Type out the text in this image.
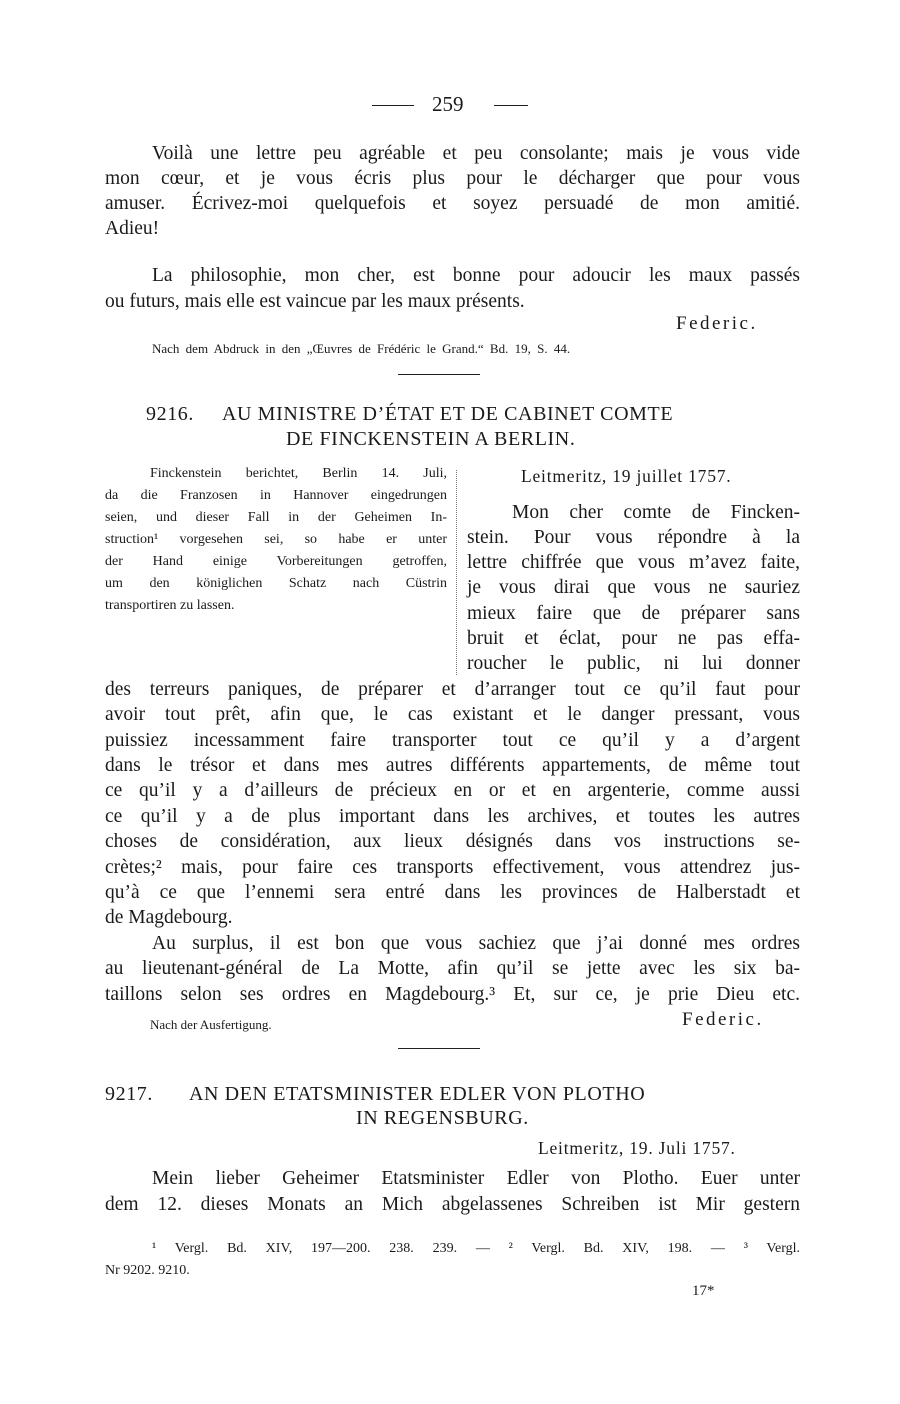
259
Voilà une lettre peu agréable et peu consolante; mais je vous vide
mon cœur, et je vous écris plus pour le décharger que pour vous
amuser. Écrivez-moi quelquefois et soyez persuadé de mon amitié.
Adieu!
La philosophie, mon cher, est bonne pour adoucir les maux passés
ou futurs, mais elle est vaincue par les maux présents.
Federic.
Nach dem Abdruck in den „Œuvres de Frédéric le Grand.“ Bd. 19, S. 44.
9216. AU MINISTRE D’ÉTAT ET DE CABINET COMTE
DE FINCKENSTEIN A BERLIN.
Finckenstein berichtet, Berlin 14. Juli,
da die Franzosen in Hannover eingedrungen
seien, und dieser Fall in der Geheimen In-
struction¹ vorgesehen sei, so habe er unter
der Hand einige Vorbereitungen getroffen,
um den königlichen Schatz nach Cüstrin
transportiren zu lassen.
Leitmeritz, 19 juillet 1757.
Mon cher comte de Fincken-
stein. Pour vous répondre à la
lettre chiffrée que vous m’avez faite,
je vous dirai que vous ne sauriez
mieux faire que de préparer sans
bruit et éclat, pour ne pas effa-
roucher le public, ni lui donner
des terreurs paniques, de préparer et d’arranger tout ce qu’il faut pour
avoir tout prêt, afin que, le cas existant et le danger pressant, vous
puissiez incessamment faire transporter tout ce qu’il y a d’argent
dans le trésor et dans mes autres différents appartements, de même tout
ce qu’il y a d’ailleurs de précieux en or et en argenterie, comme aussi
ce qu’il y a de plus important dans les archives, et toutes les autres
choses de considération, aux lieux désignés dans vos instructions se-
crètes;² mais, pour faire ces transports effectivement, vous attendrez jus-
qu’à ce que l’ennemi sera entré dans les provinces de Halberstadt et
de Magdebourg.
Au surplus, il est bon que vous sachiez que j’ai donné mes ordres
au lieutenant-général de La Motte, afin qu’il se jette avec les six ba-
taillons selon ses ordres en Magdebourg.³ Et, sur ce, je prie Dieu etc.
Nach der Ausfertigung.	Federic.
9217. AN DEN ETATSMINISTER EDLER VON PLOTHO
IN REGENSBURG.
Leitmeritz, 19. Juli 1757.
Mein lieber Geheimer Etatsminister Edler von Plotho. Euer unter
dem 12. dieses Monats an Mich abgelassenes Schreiben ist Mir gestern
¹ Vergl. Bd. XIV, 197—200. 238. 239. — ² Vergl. Bd. XIV, 198. — ³ Vergl.
Nr 9202. 9210.
17*
